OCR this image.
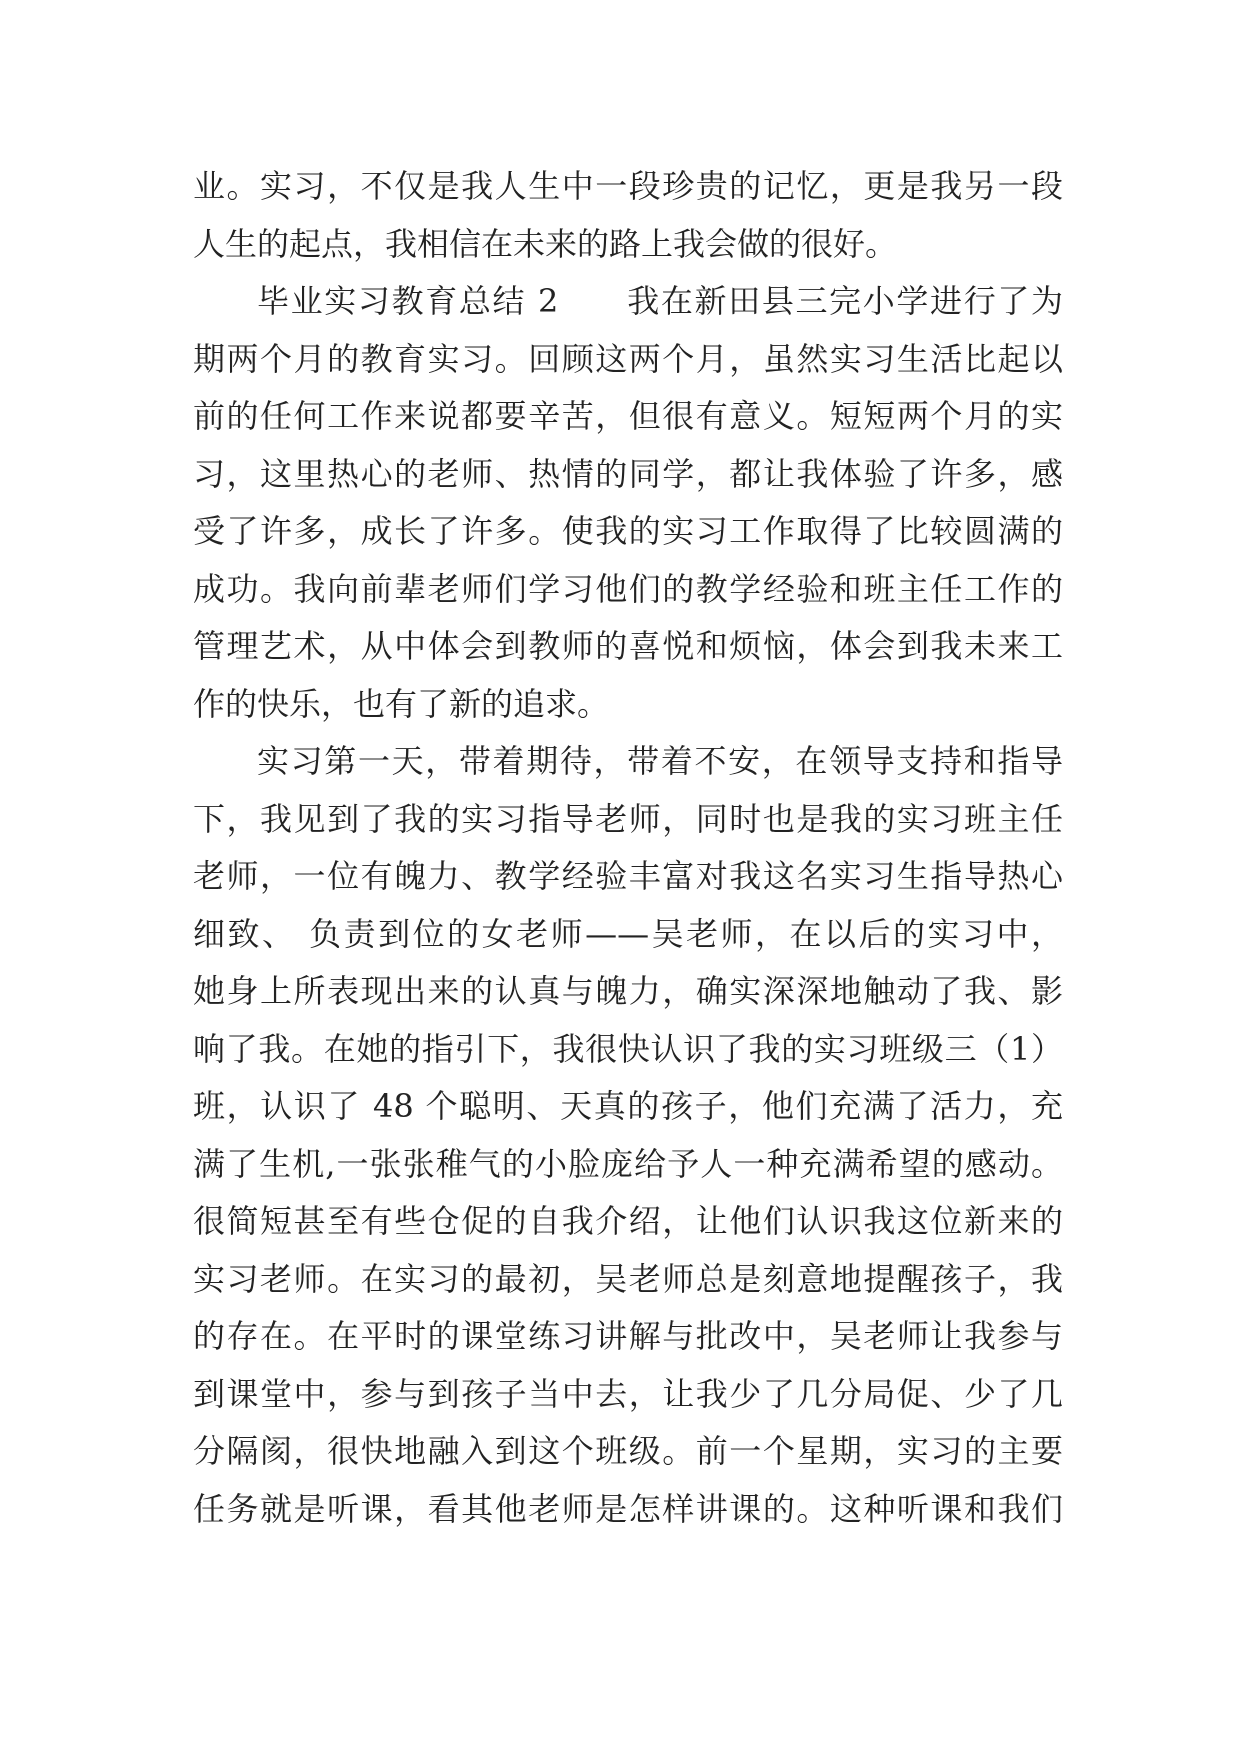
业。实习，不仅是我人生中一段珍贵的记忆，更是我另一段
人生的起点，我相信在未来的路上我会做的很好。
毕业实习教育总结 2　　我在新田县三完小学进行了为
期两个月的教育实习。回顾这两个月，虽然实习生活比起以
前的任何工作来说都要辛苦，但很有意义。短短两个月的实
习，这里热心的老师、热情的同学，都让我体验了许多，感
受了许多，成长了许多。使我的实习工作取得了比较圆满的
成功。我向前辈老师们学习他们的教学经验和班主任工作的
管理艺术，从中体会到教师的喜悦和烦恼，体会到我未来工
作的快乐，也有了新的追求。
实习第一天，带着期待，带着不安，在领导支持和指导
下，我见到了我的实习指导老师，同时也是我的实习班主任
老师，一位有魄力、教学经验丰富对我这名实习生指导热心
细致、 负责到位的女老师——吴老师，在以后的实习中，
她身上所表现出来的认真与魄力，确实深深地触动了我、影
响了我。在她的指引下，我很快认识了我的实习班级三（1）
班，认识了 48 个聪明、天真的孩子，他们充满了活力，充
满了生机,一张张稚气的小脸庞给予人一种充满希望的感动。
很简短甚至有些仓促的自我介绍，让他们认识我这位新来的
实习老师。在实习的最初，吴老师总是刻意地提醒孩子，我
的存在。在平时的课堂练习讲解与批改中，吴老师让我参与
到课堂中，参与到孩子当中去，让我少了几分局促、少了几
分隔阂，很快地融入到这个班级。前一个星期，实习的主要
任务就是听课，看其他老师是怎样讲课的。这种听课和我们
